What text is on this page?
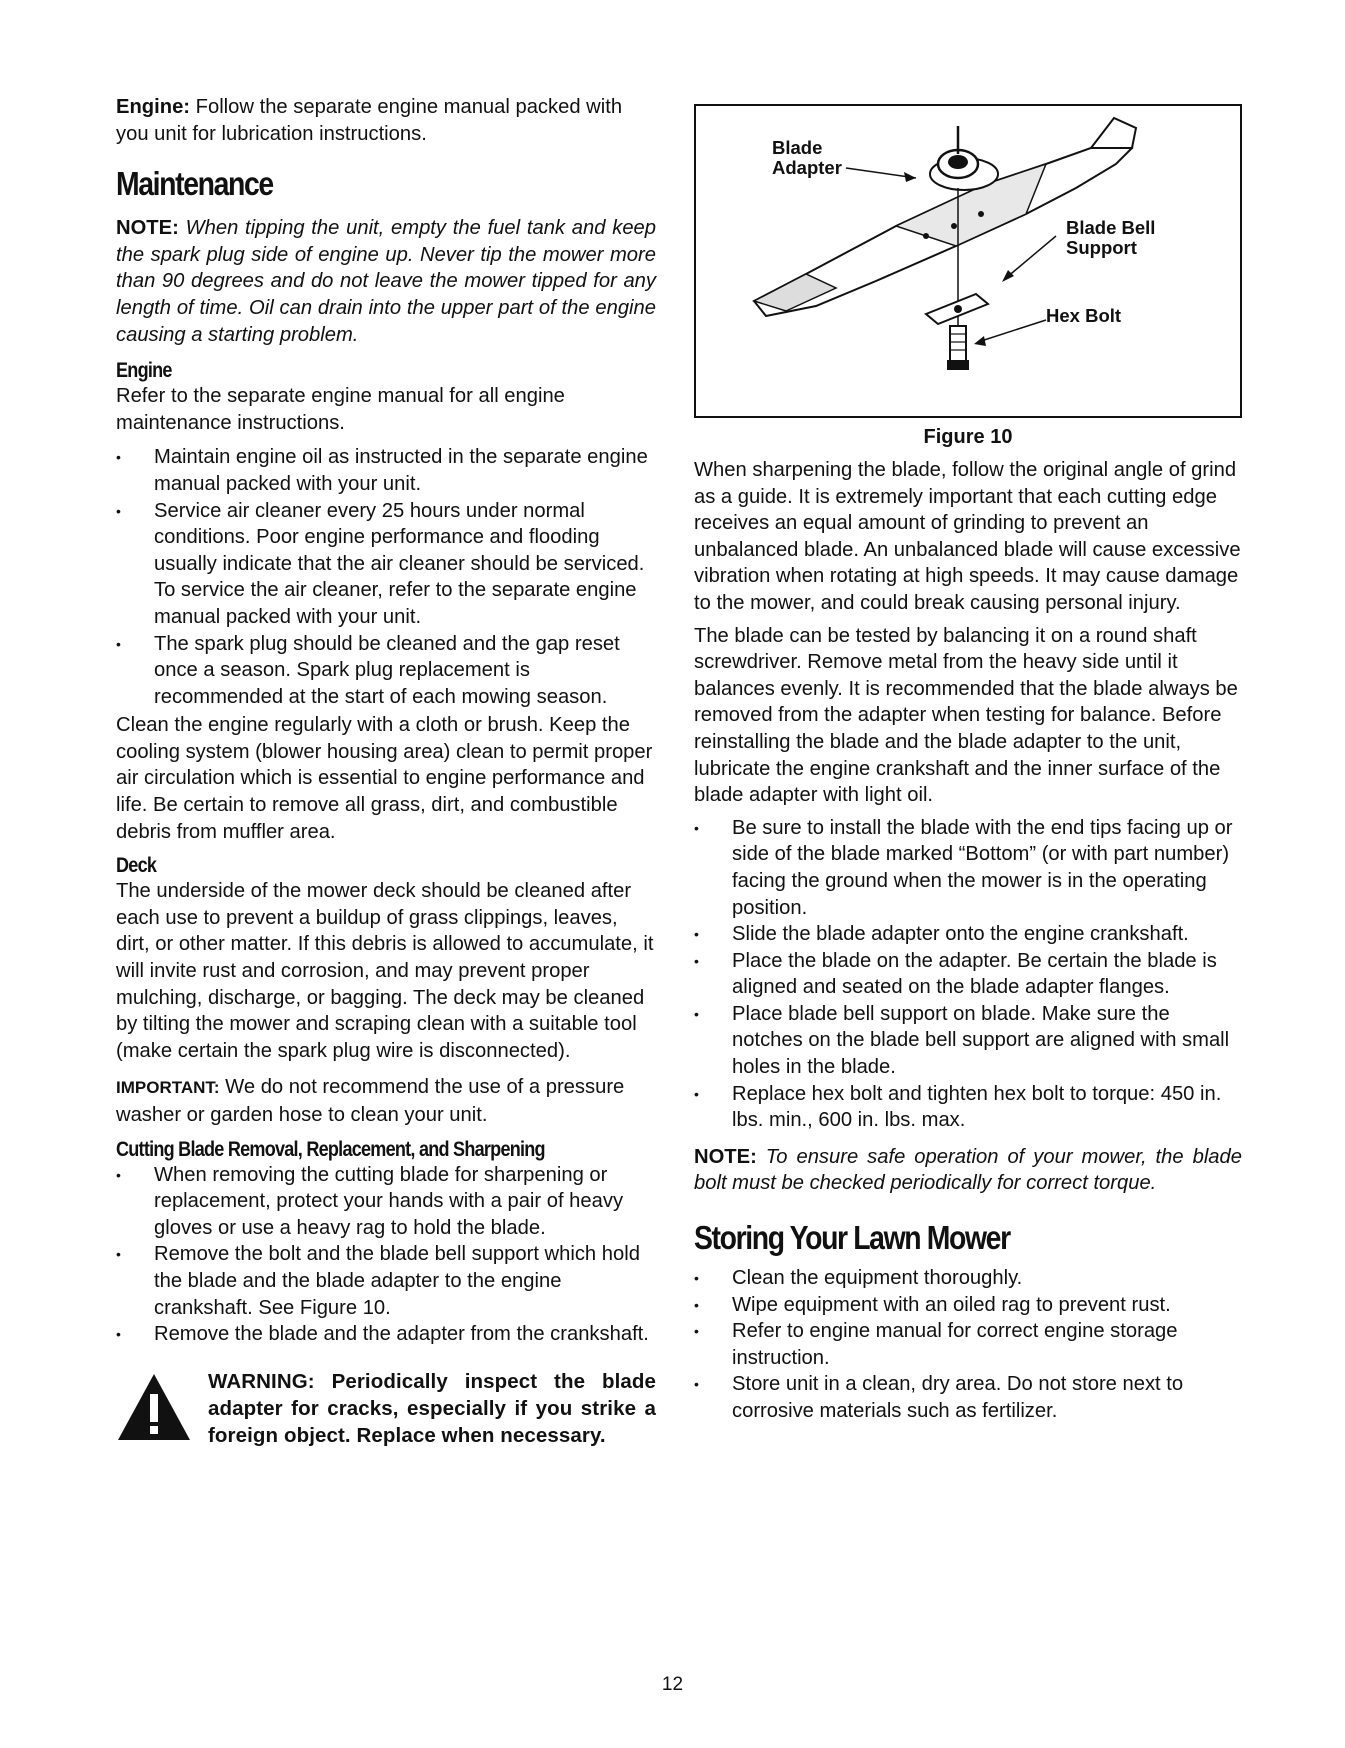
Engine: Follow the separate engine manual packed with you unit for lubrication instructions.

Maintenance

NOTE: When tipping the unit, empty the fuel tank and keep the spark plug side of engine up. Never tip the mower more than 90 degrees and do not leave the mower tipped for any length of time. Oil can drain into the upper part of the engine causing a starting problem.

Engine

Refer to the separate engine manual for all engine maintenance instructions.

• Maintain engine oil as instructed in the separate engine manual packed with your unit.
• Service air cleaner every 25 hours under normal conditions. Poor engine performance and flooding usually indicate that the air cleaner should be serviced. To service the air cleaner, refer to the separate engine manual packed with your unit.
• The spark plug should be cleaned and the gap reset once a season. Spark plug replacement is recommended at the start of each mowing season.

Clean the engine regularly with a cloth or brush. Keep the cooling system (blower housing area) clean to permit proper air circulation which is essential to engine performance and life. Be certain to remove all grass, dirt, and combustible debris from muffler area.

Deck

The underside of the mower deck should be cleaned after each use to prevent a buildup of grass clippings, leaves, dirt, or other matter. If this debris is allowed to accumulate, it will invite rust and corrosion, and may prevent proper mulching, discharge, or bagging. The deck may be cleaned by tilting the mower and scraping clean with a suitable tool (make certain the spark plug wire is disconnected).

IMPORTANT: We do not recommend the use of a pressure washer or garden hose to clean your unit.

Cutting Blade Removal, Replacement, and Sharpening
• When removing the cutting blade for sharpening or replacement, protect your hands with a pair of heavy gloves or use a heavy rag to hold the blade.
• Remove the bolt and the blade bell support which hold the blade and the blade adapter to the engine crankshaft. See Figure 10.
• Remove the blade and the adapter from the crankshaft.

WARNING: Periodically inspect the blade adapter for cracks, especially if you strike a foreign object. Replace when necessary.

Blade
Adapter
Blade Bell
Support
Hex Bolt
Figure 10

When sharpening the blade, follow the original angle of grind as a guide. It is extremely important that each cutting edge receives an equal amount of grinding to prevent an unbalanced blade. An unbalanced blade will cause excessive vibration when rotating at high speeds. It may cause damage to the mower, and could break causing personal injury.

The blade can be tested by balancing it on a round shaft screwdriver. Remove metal from the heavy side until it balances evenly. It is recommended that the blade always be removed from the adapter when testing for balance. Before reinstalling the blade and the blade adapter to the unit, lubricate the engine crankshaft and the inner surface of the blade adapter with light oil.

• Be sure to install the blade with the end tips facing up or side of the blade marked “Bottom” (or with part number) facing the ground when the mower is in the operating position.
• Slide the blade adapter onto the engine crankshaft.
• Place the blade on the adapter. Be certain the blade is aligned and seated on the blade adapter flanges.
• Place blade bell support on blade. Make sure the notches on the blade bell support are aligned with small holes in the blade.
• Replace hex bolt and tighten hex bolt to torque: 450 in. lbs. min., 600 in. lbs. max.

NOTE: To ensure safe operation of your mower, the blade bolt must be checked periodically for correct torque.

Storing Your Lawn Mower
• Clean the equipment thoroughly.
• Wipe equipment with an oiled rag to prevent rust.
• Refer to engine manual for correct engine storage instruction.
• Store unit in a clean, dry area. Do not store next to corrosive materials such as fertilizer.
12
